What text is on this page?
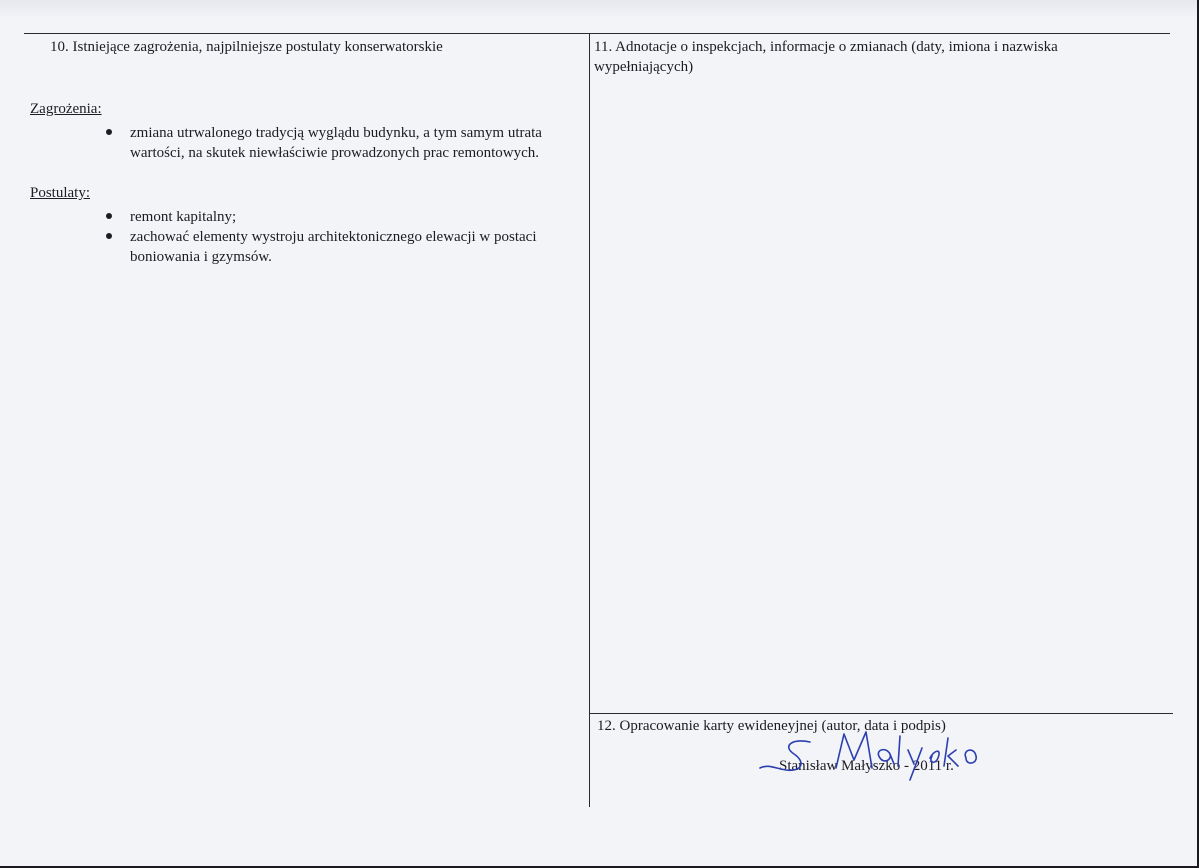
10. Istniejące zagrożenia, najpilniejsze postulaty konserwatorskie

Zagrożenia:
zmiana utrwalonego tradycją wyglądu budynku, a tym samym utrata wartości, na skutek niewłaściwie prowadzonych prac remontowych.
Postulaty:
remont kapitalny;
zachować elementy wystroju architektonicznego elewacji w postaci boniowania i gzymsów.

11. Adnotacje o inspekcjach, informacje o zmianach (daty, imiona i nazwiska wypełniających)

12. Opracowanie karty ewideneyjnej (autor, data i podpis)

Stanisław Małyszko - 2011 r.
